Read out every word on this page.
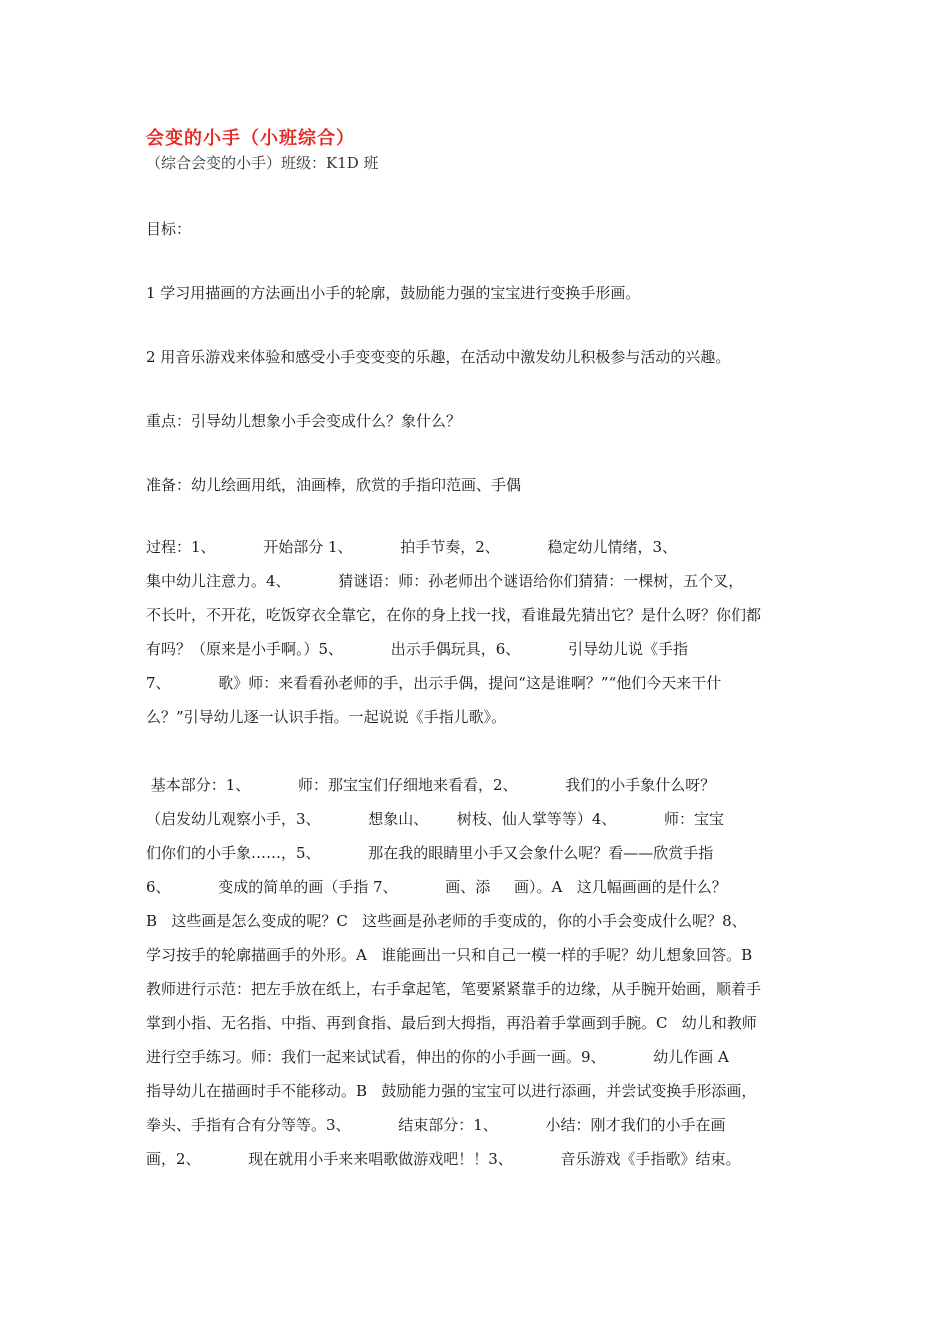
会变的小手（小班综合）
（综合会变的小手）班级：K1D 班
目标：
1 学习用描画的方法画出小手的轮廓，鼓励能力强的宝宝进行变换手形画。
2 用音乐游戏来体验和感受小手变变变的乐趣，在活动中激发幼儿积极参与活动的兴趣。
重点：引导幼儿想象小手会变成什么？象什么？
准备：幼儿绘画用纸，油画棒，欣赏的手指印范画、手偶
过程：1、          开始部分 1、          拍手节奏，2、          稳定幼儿情绪，3、
集中幼儿注意力。4、          猜谜语：师：孙老师出个谜语给你们猜猜：一棵树，五个叉，
不长叶，不开花，吃饭穿衣全靠它，在你的身上找一找，看谁最先猜出它？是什么呀？你们都
有吗？（原来是小手啊。）5、          出示手偶玩具，6、          引导幼儿说《手指
7、          歌》师：来看看孙老师的手，出示手偶，提问“这是谁啊？”“他们今天来干什
么？”引导幼儿逐一认识手指。一起说说《手指儿歌》。
基本部分：1、          师：那宝宝们仔细地来看看，2、          我们的小手象什么呀？
（启发幼儿观察小手，3、          想象山、      树枝、仙人掌等等）4、          师：宝宝
们你们的小手象……，5、          那在我的眼睛里小手又会象什么呢？看——欣赏手指
6、          变成的简单的画（手指 7、          画、添     画）。A   这几幅画画的是什么？
B   这些画是怎么变成的呢？C   这些画是孙老师的手变成的，你的小手会变成什么呢？8、
学习按手的轮廓描画手的外形。A   谁能画出一只和自己一模一样的手呢？幼儿想象回答。B
教师进行示范：把左手放在纸上，右手拿起笔，笔要紧紧靠手的边缘，从手腕开始画，顺着手
掌到小指、无名指、中指、再到食指、最后到大拇指，再沿着手掌画到手腕。C   幼儿和教师
进行空手练习。师：我们一起来试试看，伸出的你的小手画一画。9、          幼儿作画 A
指导幼儿在描画时手不能移动。B   鼓励能力强的宝宝可以进行添画，并尝试变换手形添画，
拳头、手指有合有分等等。3、          结束部分：1、          小结：刚才我们的小手在画
画，2、          现在就用小手来来唱歌做游戏吧！！3、          音乐游戏《手指歌》结束。
